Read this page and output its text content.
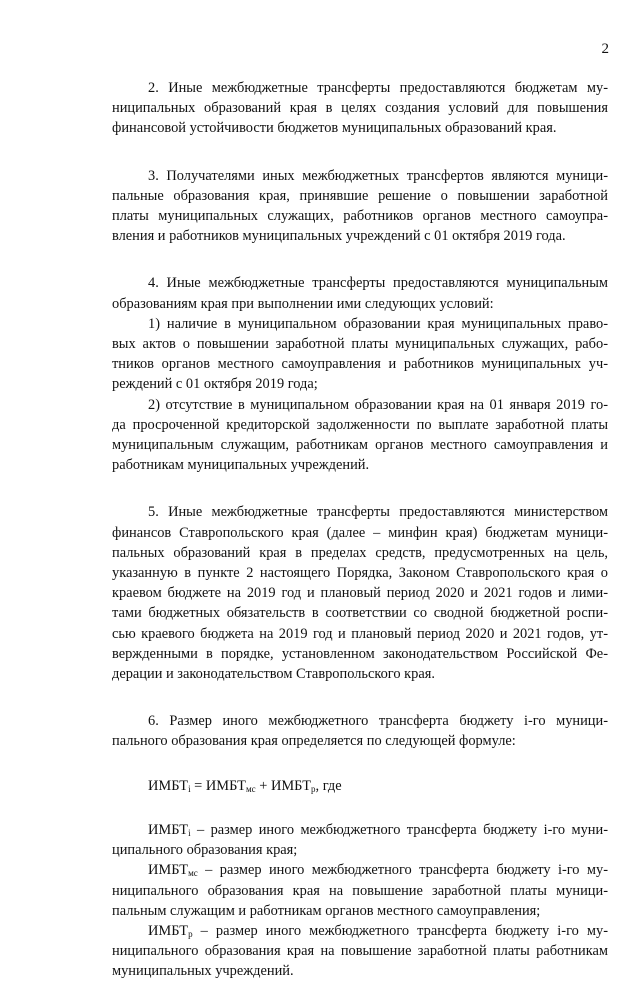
2
2. Иные межбюджетные трансферты предоставляются бюджетам му-
ниципальных образований края в целях создания условий для повышения
финансовой устойчивости бюджетов муниципальных образований края.
3. Получателями иных межбюджетных трансфертов являются муници-
пальные образования края, принявшие решение о повышении заработной
платы муниципальных служащих, работников органов местного самоупра-
вления и работников муниципальных учреждений с 01 октября 2019 года.
4. Иные межбюджетные трансферты предоставляются муниципальным
образованиям края при выполнении ими следующих условий:
1) наличие в муниципальном образовании края муниципальных право-
вых актов о повышении заработной платы муниципальных служащих, рабо-
тников органов местного самоуправления и работников муниципальных уч-
реждений с 01 октября 2019 года;
2) отсутствие в муниципальном образовании края на 01 января 2019 го-
да просроченной кредиторской задолженности по выплате заработной платы
муниципальным служащим, работникам органов местного самоуправления и
работникам муниципальных учреждений.
5. Иные межбюджетные трансферты предоставляются министерством
финансов Ставропольского края (далее – минфин края) бюджетам муници-
пальных образований края в пределах средств, предусмотренных на цель,
указанную в пункте 2 настоящего Порядка, Законом Ставропольского края о
краевом бюджете на 2019 год и плановый период 2020 и 2021 годов и лими-
тами бюджетных обязательств в соответствии со сводной бюджетной роспи-
сью краевого бюджета на 2019 год и плановый период 2020 и 2021 годов, ут-
вержденными в порядке, установленном законодательством Российской Фе-
дерации и законодательством Ставропольского края.
6. Размер иного межбюджетного трансферта бюджету i-го муници-
пального образования края определяется по следующей формуле:
$ИМБТ_i$ = $ИМБТ_{мс}$ + $ИМБТ_р$, где
$ИМБТ_i$ – размер иного межбюджетного трансферта бюджету i-го муни-
ципального образования края;
$ИМБТ_{мс}$ – размер иного межбюджетного трансферта бюджету i-го му-
ниципального образования края на повышение заработной платы муници-
пальным служащим и работникам органов местного самоуправления;
$ИМБТ_р$ – размер иного межбюджетного трансферта бюджету i-го му-
ниципального образования края на повышение заработной платы работникам
муниципальных учреждений.
